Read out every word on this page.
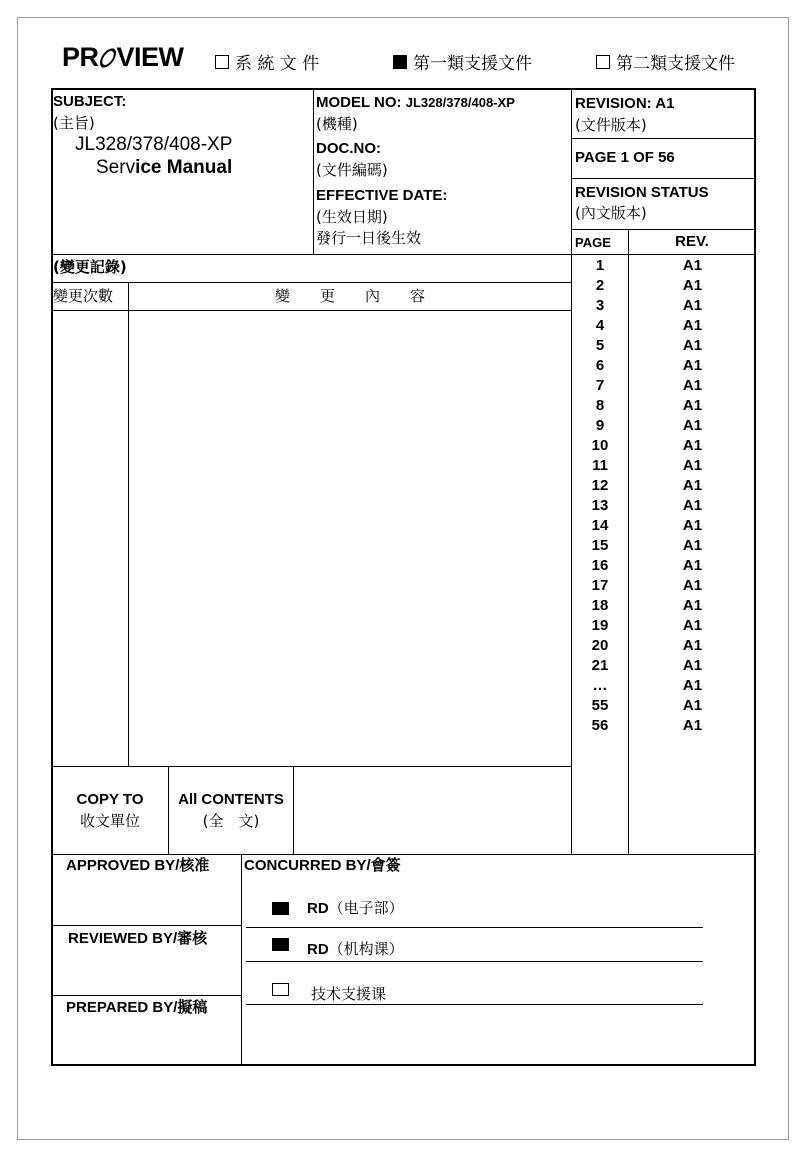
PR VIEW	系 統 文 件	第一類支援文件	第二類支援文件
SUBJECT:
(主旨)
JL328/378/408-XP
Service Manual
MODEL NO: JL328/378/408-XP
(機種)
DOC.NO:
(文件編碼)
EFFECTIVE DATE:
(生效日期)
發行一日後生效
REVISION: A1
(文件版本)
PAGE 1 OF 56
REVISION STATUS
(內文版本)
PAGE	REV.
1	A1
2	A1
3	A1
4	A1
5	A1
6	A1
7	A1
8	A1
9	A1
10	A1
11	A1
12	A1
13	A1
14	A1
15	A1
16	A1
17	A1
18	A1
19	A1
20	A1
21	A1
…	A1
55	A1
56	A1
(變更記錄)
變更次數	變　　更　　內　　容
COPY TO
收文單位
All CONTENTS
(全　文)
APPROVED BY/核准
REVIEWED BY/審核
PREPARED BY/擬稿
CONCURRED BY/會簽
RD（电子部）
RD（机构课）
技术支援课
